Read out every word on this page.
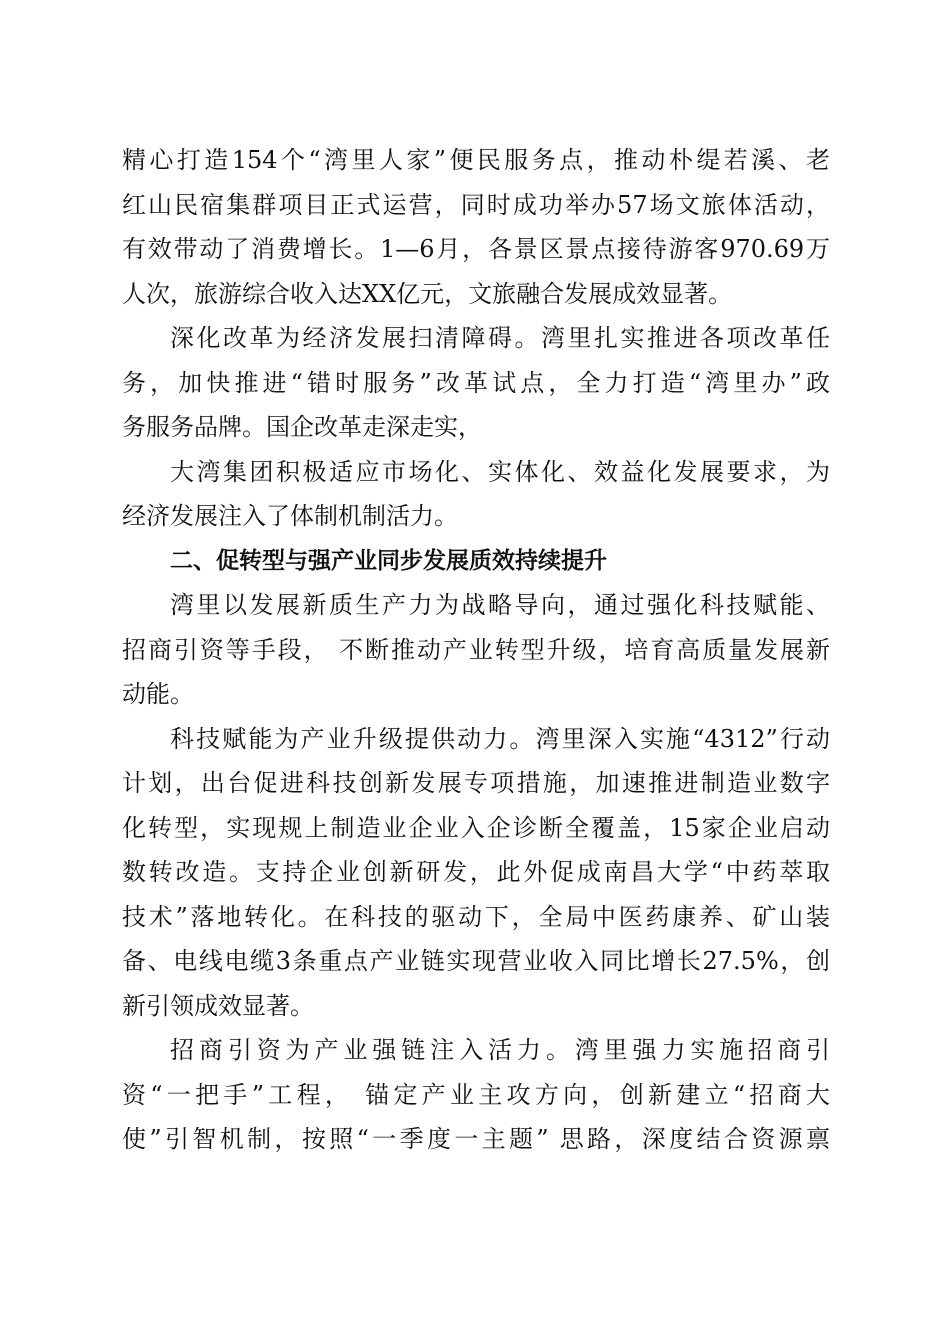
精心打造154个“湾里人家”便民服务点，推动朴缇若溪、老
红山民宿集群项目正式运营，同时成功举办57场文旅体活动，
有效带动了消费增长。1—6月，各景区景点接待游客970.69万
人次，旅游综合收入达XX亿元，文旅融合发展成效显著。
深化改革为经济发展扫清障碍。湾里扎实推进各项改革任
务，加快推进“错时服务”改革试点，全力打造“湾里办”政
务服务品牌。国企改革走深走实，
大湾集团积极适应市场化、实体化、效益化发展要求，为
经济发展注入了体制机制活力。
二、促转型与强产业同步发展质效持续提升
湾里以发展新质生产力为战略导向，通过强化科技赋能、
招商引资等手段， 不断推动产业转型升级，培育高质量发展新
动能。
科技赋能为产业升级提供动力。湾里深入实施“4312”行动
计划，出台促进科技创新发展专项措施，加速推进制造业数字
化转型，实现规上制造业企业入企诊断全覆盖，15家企业启动
数转改造。支持企业创新研发，此外促成南昌大学“中药萃取
技术”落地转化。在科技的驱动下，全局中医药康养、矿山装
备、电线电缆3条重点产业链实现营业收入同比增长27.5%，创
新引领成效显著。
招商引资为产业强链注入活力。湾里强力实施招商引
资“一把手”工程， 锚定产业主攻方向，创新建立“招商大
使”引智机制，按照“一季度一主题” 思路，深度结合资源禀
